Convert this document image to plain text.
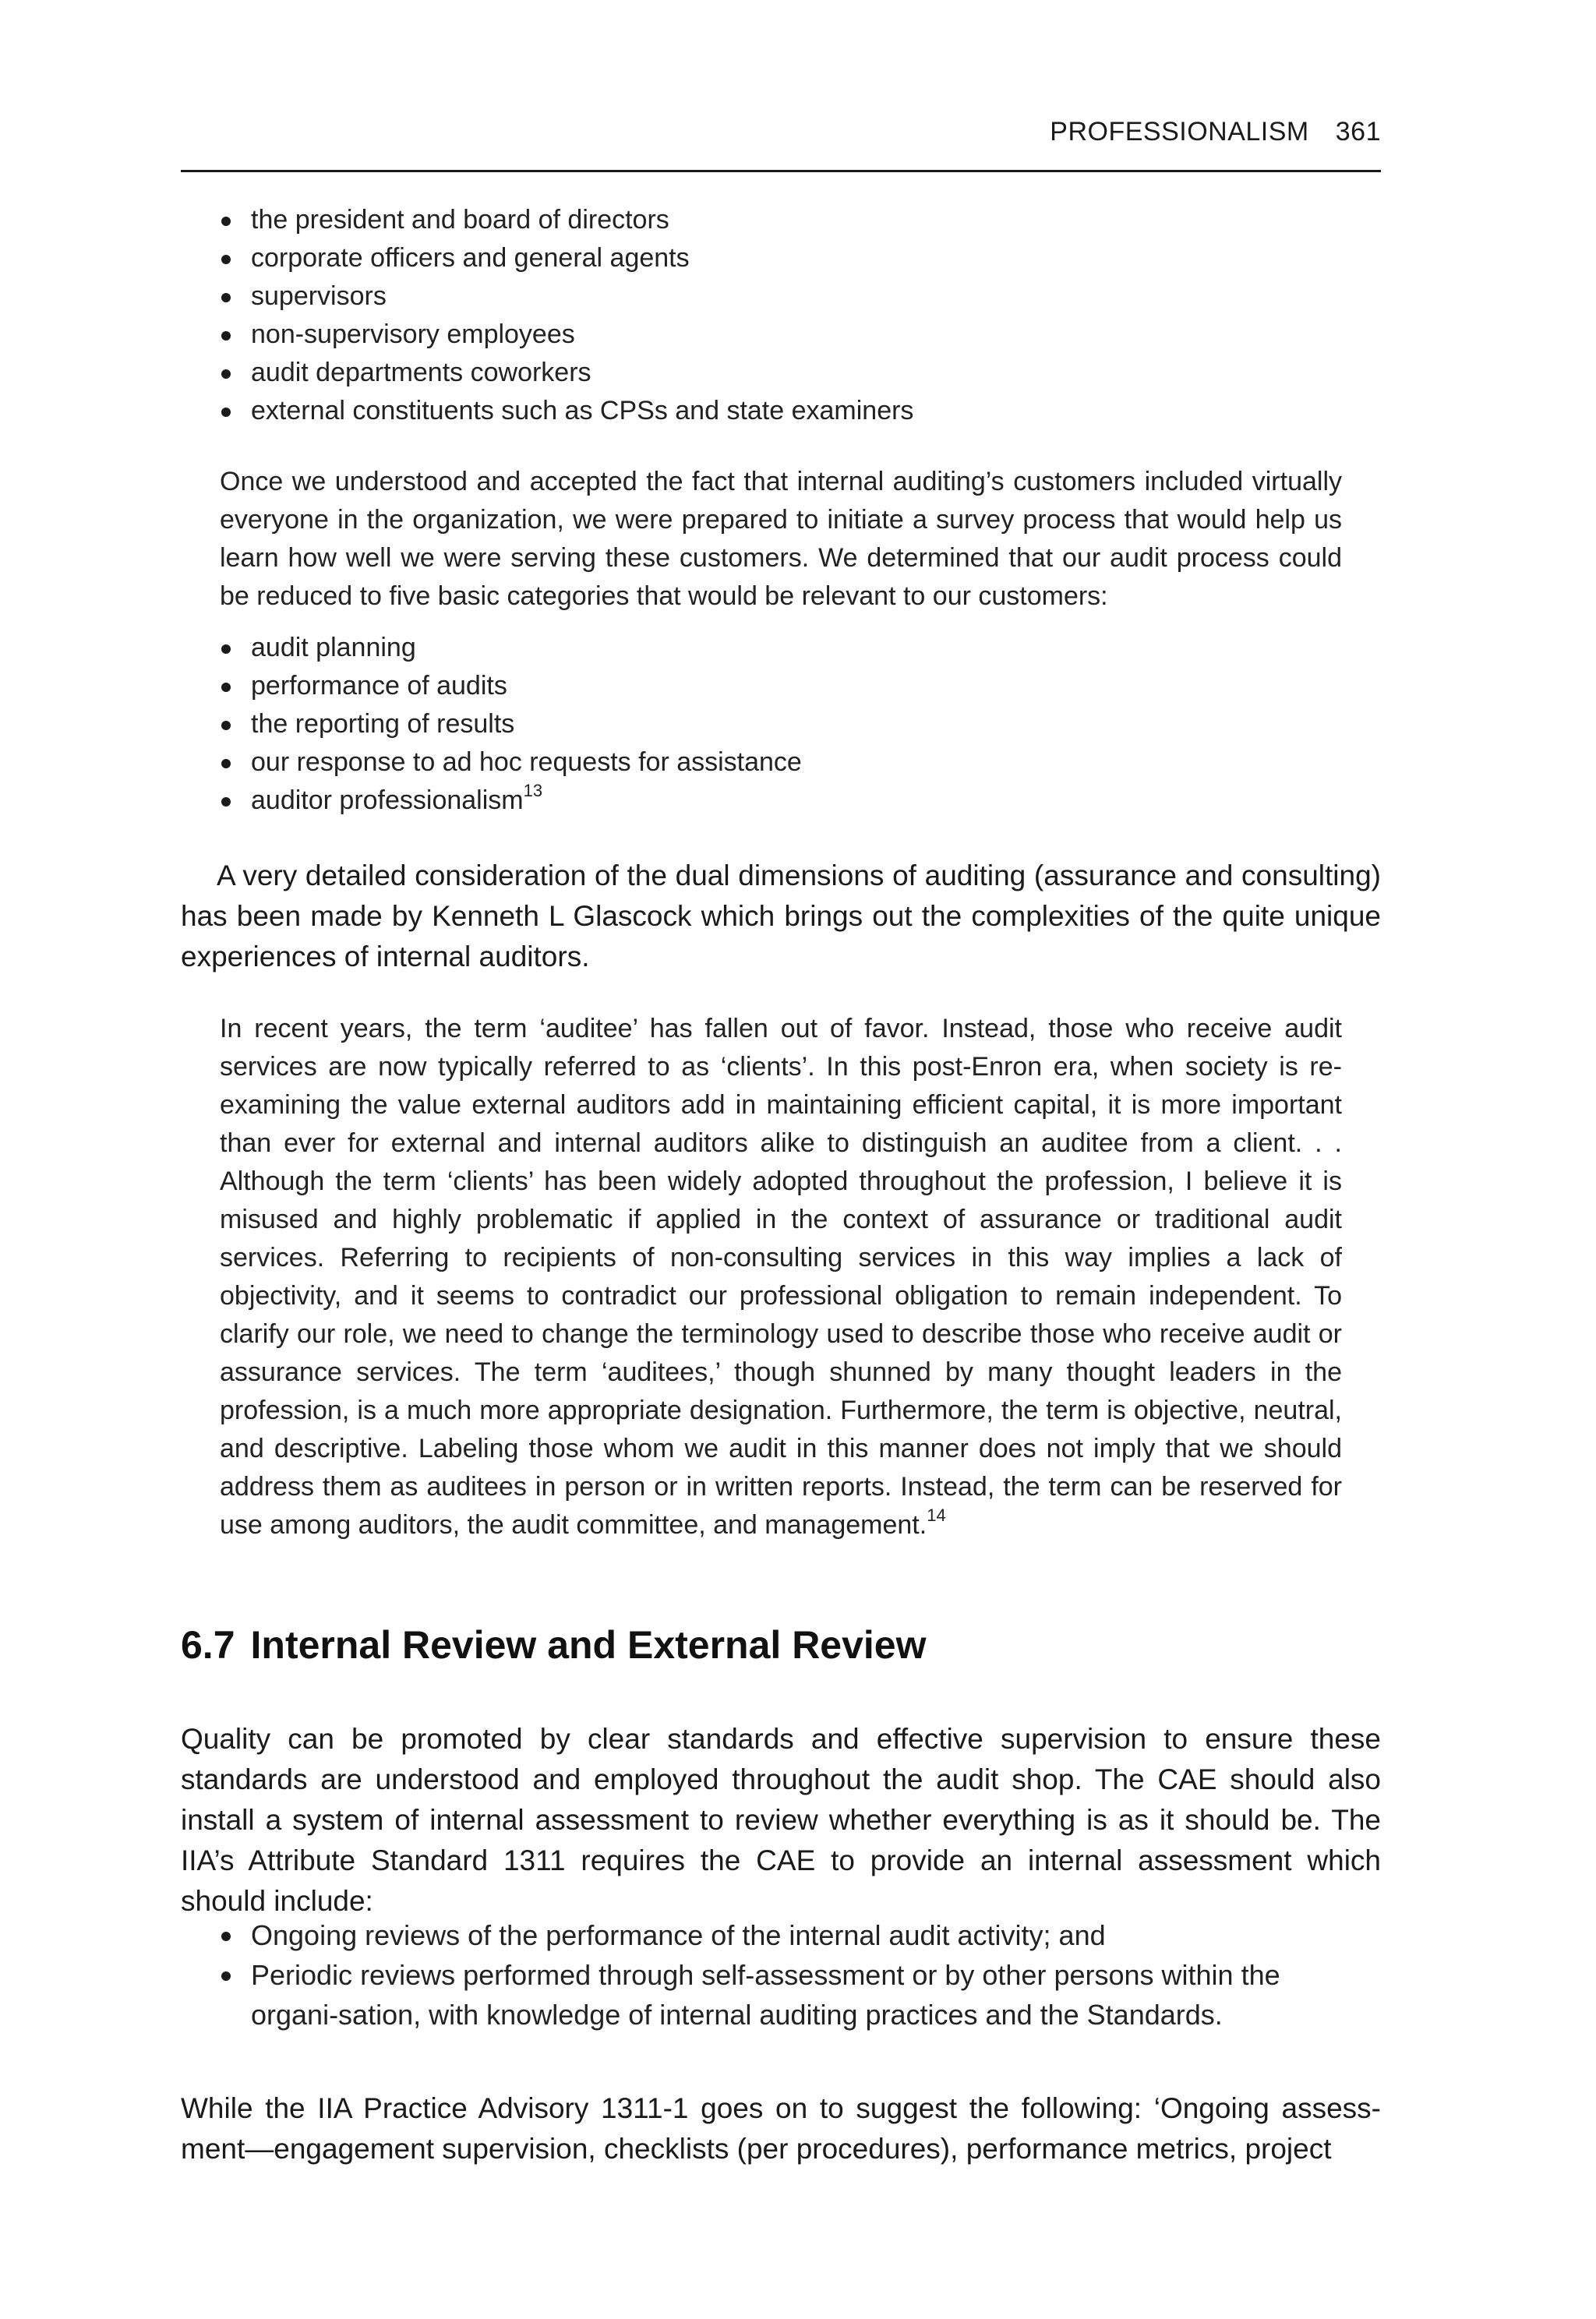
PROFESSIONALISM 361
the president and board of directors
corporate officers and general agents
supervisors
non-supervisory employees
audit departments coworkers
external constituents such as CPSs and state examiners

Once we understood and accepted the fact that internal auditing’s customers included virtually everyone in the organization, we were prepared to initiate a survey process that would help us learn how well we were serving these customers. We determined that our audit process could be reduced to five basic categories that would be relevant to our customers:

audit planning
performance of audits
the reporting of results
our response to ad hoc requests for assistance
auditor professionalism$^{13}$

A very detailed consideration of the dual dimensions of auditing (assurance and consulting) has been made by Kenneth L Glascock which brings out the complexities of the quite unique experiences of internal auditors.

In recent years, the term ‘auditee’ has fallen out of favor. Instead, those who receive audit services are now typically referred to as ‘clients’. In this post-Enron era, when society is re-examining the value external auditors add in maintaining efficient capital, it is more important than ever for external and internal auditors alike to distinguish an auditee from a client. . . Although the term ‘clients’ has been widely adopted throughout the profession, I believe it is misused and highly problematic if applied in the context of assurance or traditional audit services. Referring to recipients of non-consulting services in this way implies a lack of objectivity, and it seems to contradict our professional obligation to remain independent. To clarify our role, we need to change the terminology used to describe those who receive audit or assurance services. The term ‘auditees,’ though shunned by many thought leaders in the profession, is a much more appropriate designation. Furthermore, the term is objective, neutral, and descriptive. Labeling those whom we audit in this manner does not imply that we should address them as auditees in person or in written reports. Instead, the term can be reserved for use among auditors, the audit committee, and management.$^{14}$

6.7 Internal Review and External Review

Quality can be promoted by clear standards and effective supervision to ensure these standards are understood and employed throughout the audit shop. The CAE should also install a system of internal assessment to review whether everything is as it should be. The IIA’s Attribute Standard 1311 requires the CAE to provide an internal assessment which should include:

Ongoing reviews of the performance of the internal audit activity; and
Periodic reviews performed through self-assessment or by other persons within the organi-sation, with knowledge of internal auditing practices and the Standards.

While the IIA Practice Advisory 1311-1 goes on to suggest the following: ‘Ongoing assess-ment—engagement supervision, checklists (per procedures), performance metrics, project
